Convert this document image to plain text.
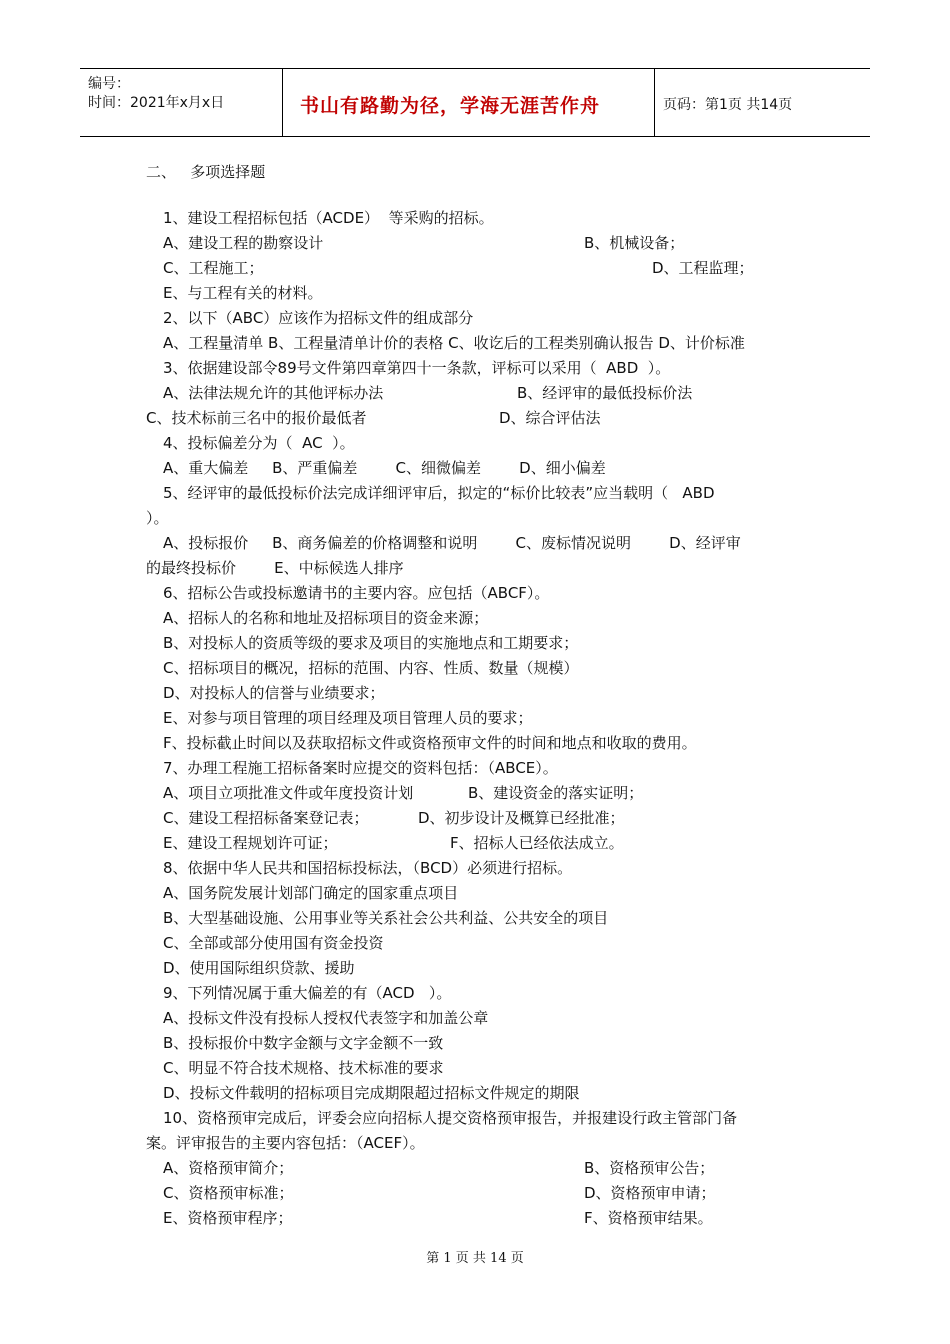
编号：
时间：2021年x月x日	书山有路勤为径，学海无涯苦作舟	页码：第1页 共14页
二、   多项选择题
1、建设工程招标包括（ACDE）  等采购的招标。
A、建设工程的勘察设计	B、机械设备；
C、工程施工；	D、工程监理；
E、与工程有关的材料。
2、以下（ABC）应该作为招标文件的组成部分
A、工程量清单 B、工程量清单计价的表格 C、收讫后的工程类别确认报告 D、计价标准
3、依据建设部令89号文件第四章第四十一条款，评标可以采用（  ABD  ）。
A、法律法规允许的其他评标办法	B、经评审的最低投标价法
C、技术标前三名中的报价最低者	D、综合评估法
4、投标偏差分为（  AC  ）。
A、重大偏差     B、严重偏差        C、细微偏差        D、细小偏差
5、经评审的最低投标价法完成详细评审后，拟定的“标价比较表”应当载明（   ABD
）。
A、投标报价     B、商务偏差的价格调整和说明        C、废标情况说明        D、经评审
的最终投标价        E、中标候选人排序
6、招标公告或投标邀请书的主要内容。应包括（ABCF）。
A、招标人的名称和地址及招标项目的资金来源；
B、对投标人的资质等级的要求及项目的实施地点和工期要求；
C、招标项目的概况，招标的范围、内容、性质、数量（规模）
D、对投标人的信誉与业绩要求；
E、对参与项目管理的项目经理及项目管理人员的要求；
F、投标截止时间以及获取招标文件或资格预审文件的时间和地点和收取的费用。
7、办理工程施工招标备案时应提交的资料包括：（ABCE）。
A、项目立项批准文件或年度投资计划	B、建设资金的落实证明；
C、建设工程招标备案登记表；	D、初步设计及概算已经批准；
E、建设工程规划许可证；	F、招标人已经依法成立。
8、依据中华人民共和国招标投标法，（BCD）必须进行招标。
A、国务院发展计划部门确定的国家重点项目
B、大型基础设施、公用事业等关系社会公共利益、公共安全的项目
C、全部或部分使用国有资金投资
D、使用国际组织贷款、援助
9、下列情况属于重大偏差的有（ACD   ）。
A、投标文件没有投标人授权代表签字和加盖公章
B、投标报价中数字金额与文字金额不一致
C、明显不符合技术规格、技术标准的要求
D、投标文件载明的招标项目完成期限超过招标文件规定的期限
10、资格预审完成后，评委会应向招标人提交资格预审报告，并报建设行政主管部门备
案。评审报告的主要内容包括：（ACEF）。
A、资格预审简介；	B、资格预审公告；
C、资格预审标准；	D、资格预审申请；
E、资格预审程序；	F、资格预审结果。
第 1 页 共 14 页
